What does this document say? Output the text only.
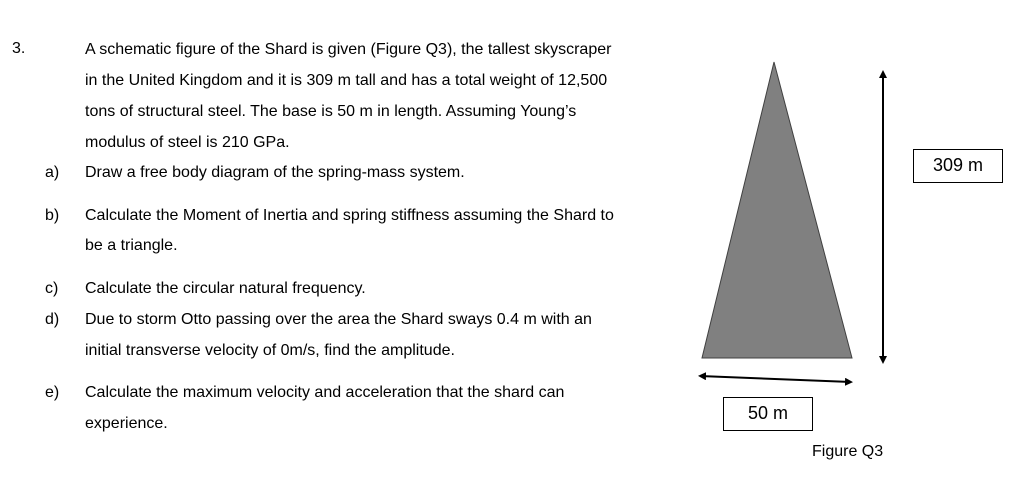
3.	A schematic figure of the Shard is given (Figure Q3), the tallest skyscraper
in the United Kingdom and it is 309 m tall and has a total weight of 12,500
tons of structural steel. The base is 50 m in length. Assuming Young’s
modulus of steel is 210 GPa.
a) Draw a free body diagram of the spring-mass system.
b) Calculate the Moment of Inertia and spring stiffness assuming the Shard to
be a triangle.
c) Calculate the circular natural frequency.
d) Due to storm Otto passing over the area the Shard sways 0.4 m with an
initial transverse velocity of 0m/s, find the amplitude.
e) Calculate the maximum velocity and acceleration that the shard can
experience.
309 m
50 m
Figure Q3
